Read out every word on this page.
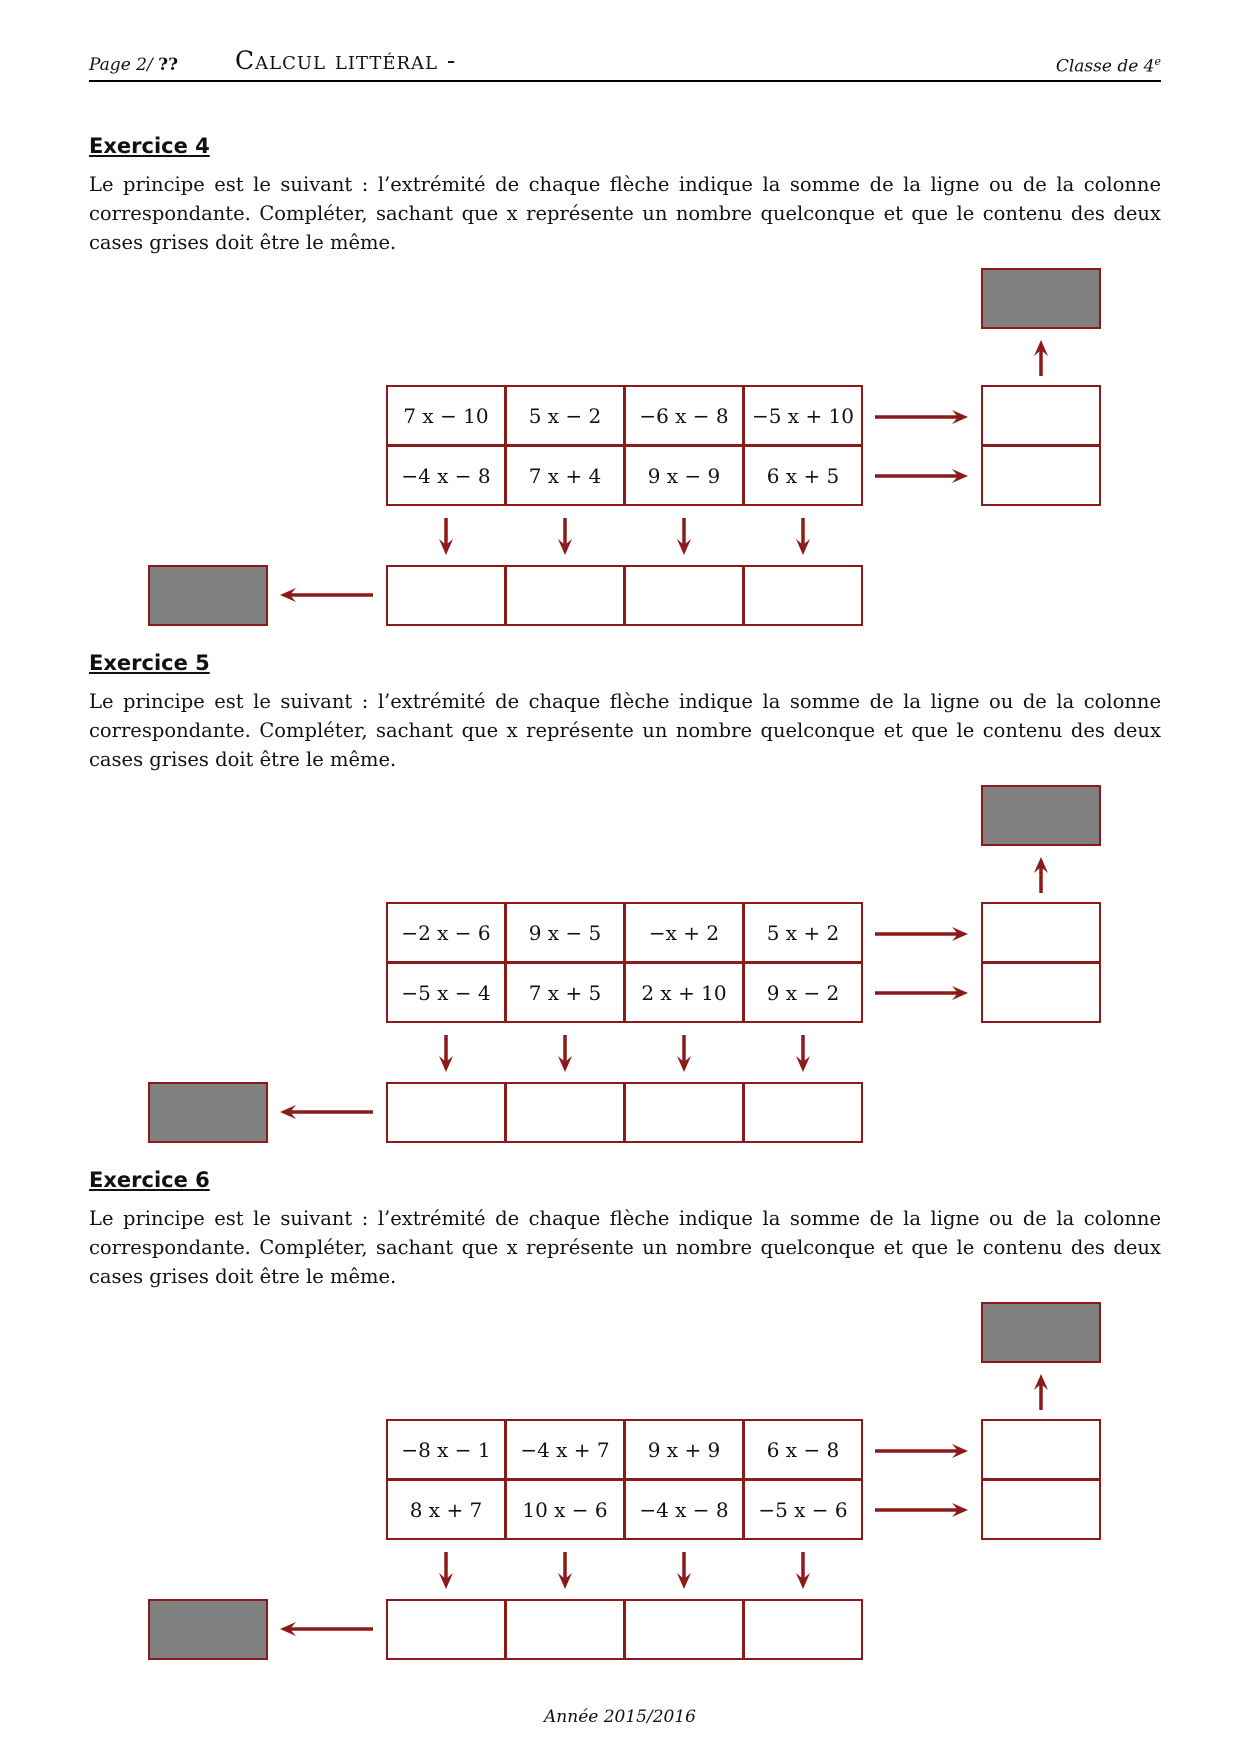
Page 2/ ?? Calcul littéral -	Classe de 4e
Exercice 4
Le principe est le suivant : l’extrémité de chaque flèche indique la somme de la ligne ou de la colonne correspondante. Compléter, sachant que x représente un nombre quelconque et que le contenu des deux cases grises doit être le même.
7 x − 10	5 x − 2	−6 x − 8	−5 x + 10
−4 x − 8	7 x + 4	9 x − 9	6 x + 5
Exercice 5
Le principe est le suivant : l’extrémité de chaque flèche indique la somme de la ligne ou de la colonne correspondante. Compléter, sachant que x représente un nombre quelconque et que le contenu des deux cases grises doit être le même.
−2 x − 6	9 x − 5	−x + 2	5 x + 2
−5 x − 4	7 x + 5	2 x + 10	9 x − 2
Exercice 6
Le principe est le suivant : l’extrémité de chaque flèche indique la somme de la ligne ou de la colonne correspondante. Compléter, sachant que x représente un nombre quelconque et que le contenu des deux cases grises doit être le même.
−8 x − 1	−4 x + 7	9 x + 9	6 x − 8
8 x + 7	10 x − 6	−4 x − 8	−5 x − 6
Année 2015/2016
